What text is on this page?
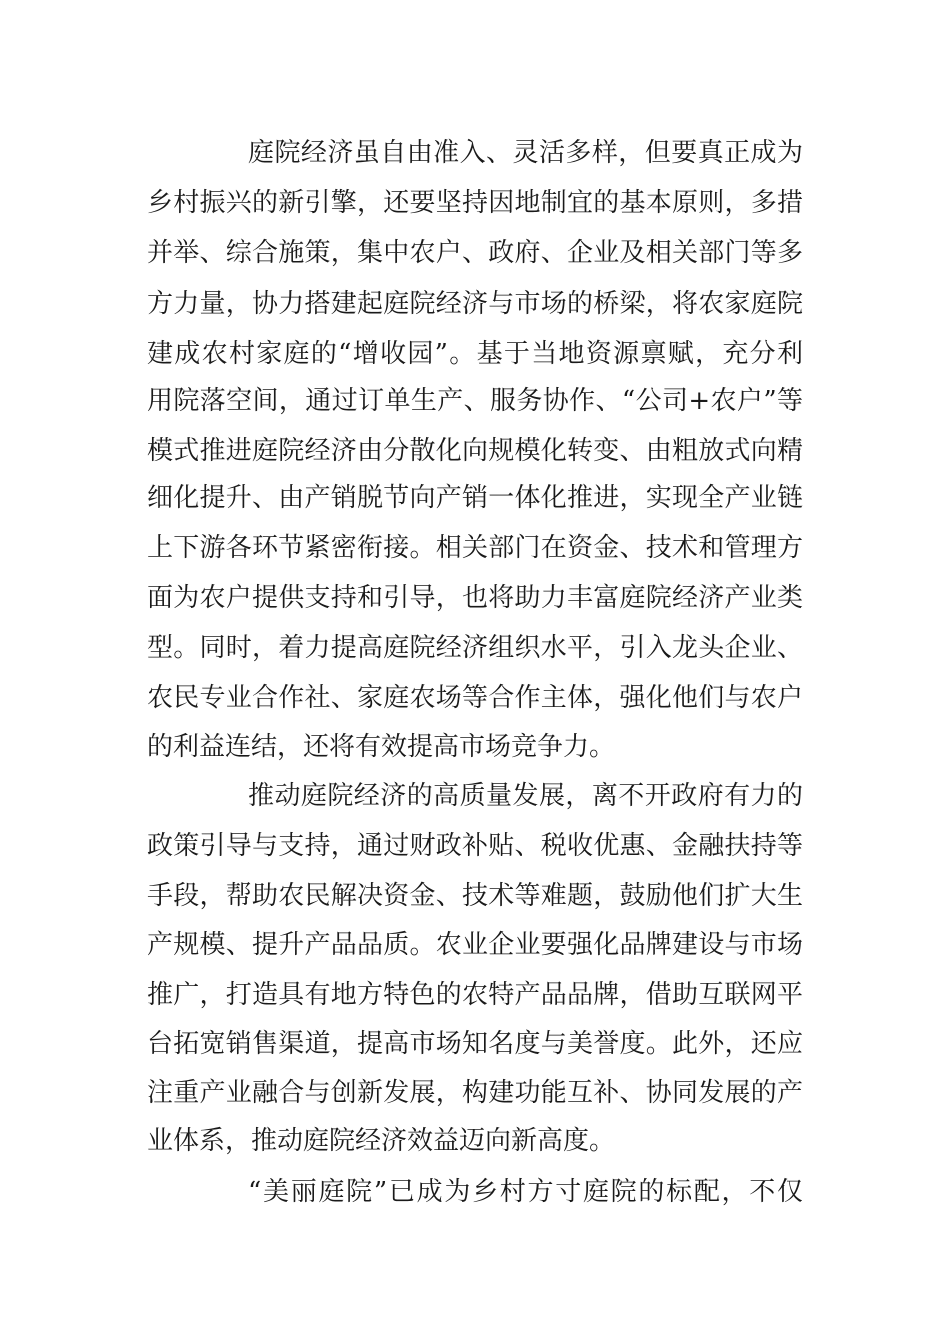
庭院经济虽自由准入、灵活多样，但要真正成为
乡村振兴的新引擎，还要坚持因地制宜的基本原则，多措
并举、综合施策，集中农户、政府、企业及相关部门等多
方力量，协力搭建起庭院经济与市场的桥梁，将农家庭院
建成农村家庭的“增收园”。基于当地资源禀赋，充分利
用院落空间，通过订单生产、服务协作、“公司+农户”等
模式推进庭院经济由分散化向规模化转变、由粗放式向精
细化提升、由产销脱节向产销一体化推进，实现全产业链
上下游各环节紧密衔接。相关部门在资金、技术和管理方
面为农户提供支持和引导，也将助力丰富庭院经济产业类
型。同时，着力提高庭院经济组织水平，引入龙头企业、
农民专业合作社、家庭农场等合作主体，强化他们与农户
的利益连结，还将有效提高市场竞争力。
推动庭院经济的高质量发展，离不开政府有力的
政策引导与支持，通过财政补贴、税收优惠、金融扶持等
手段，帮助农民解决资金、技术等难题，鼓励他们扩大生
产规模、提升产品品质。农业企业要强化品牌建设与市场
推广，打造具有地方特色的农特产品品牌，借助互联网平
台拓宽销售渠道，提高市场知名度与美誉度。此外，还应
注重产业融合与创新发展，构建功能互补、协同发展的产
业体系，推动庭院经济效益迈向新高度。
“美丽庭院”已成为乡村方寸庭院的标配，不仅
